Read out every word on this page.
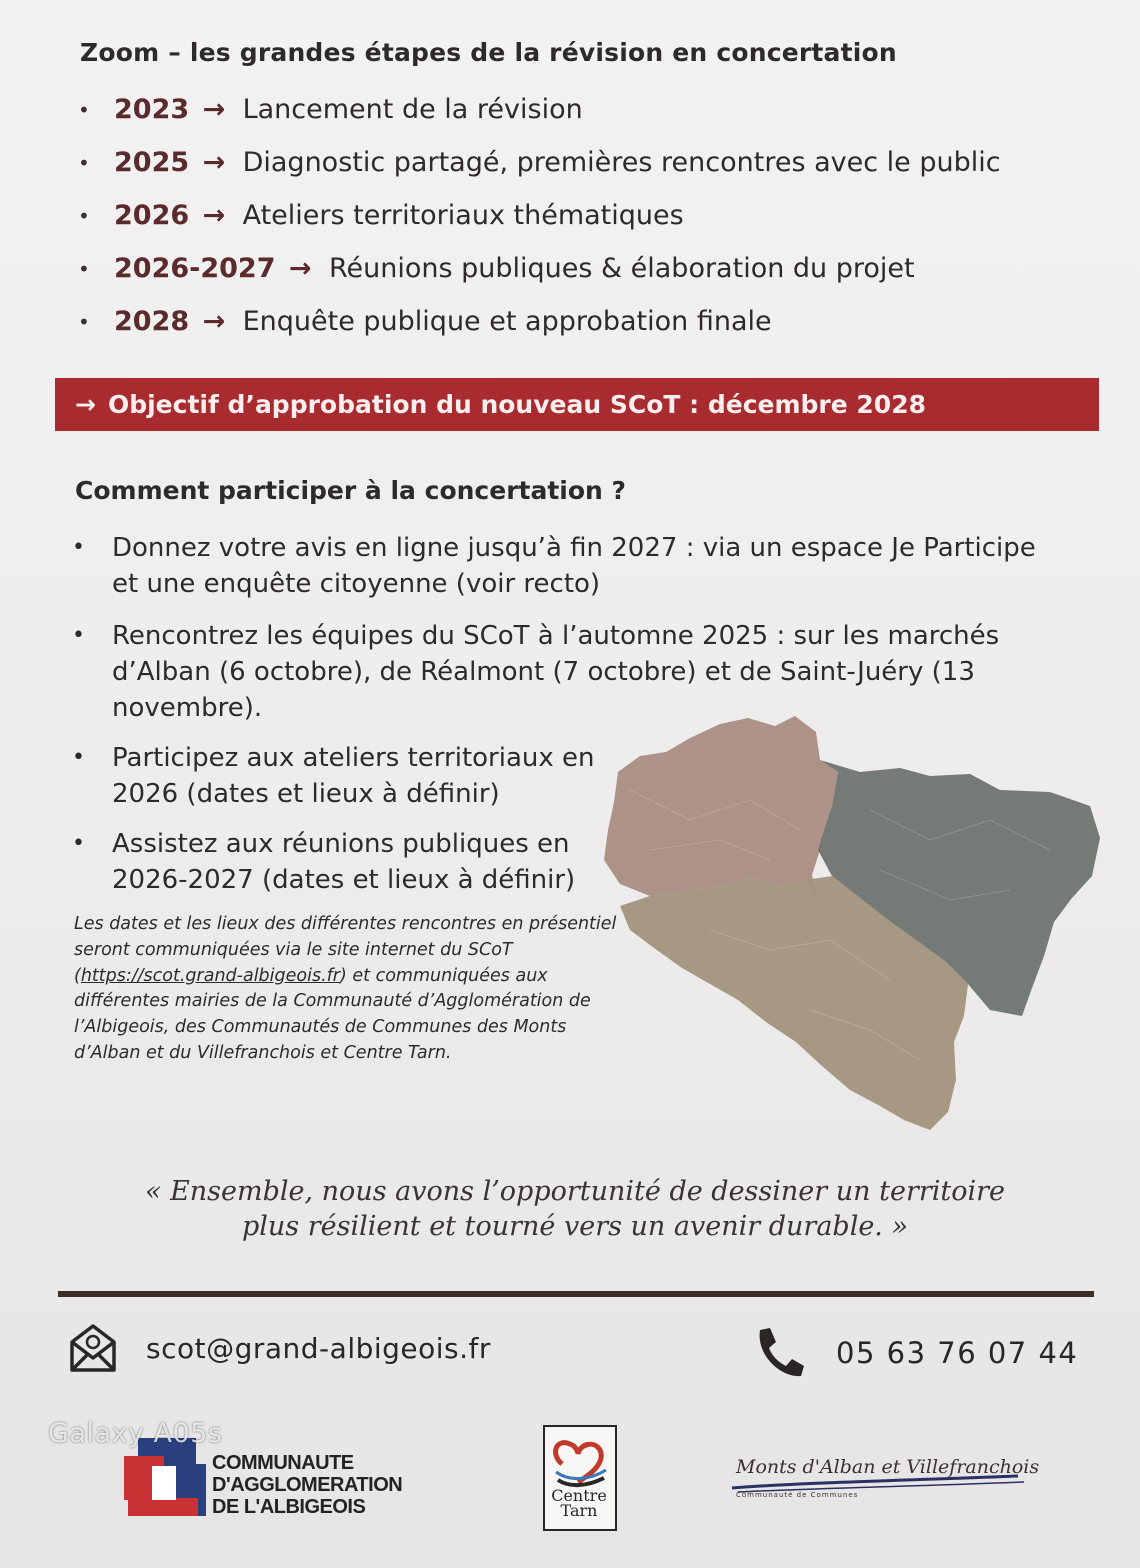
Zoom – les grandes étapes de la révision en concertation
• 2023 → Lancement de la révision
• 2025 → Diagnostic partagé, premières rencontres avec le public
• 2026 → Ateliers territoriaux thématiques
• 2026-2027 → Réunions publiques & élaboration du projet
• 2028 → Enquête publique et approbation finale
→ Objectif d’approbation du nouveau SCoT : décembre 2028
Comment participer à la concertation ?
• Donnez votre avis en ligne jusqu’à fin 2027 : via un espace Je Participe et une enquête citoyenne (voir recto)
• Rencontrez les équipes du SCoT à l’automne 2025 : sur les marchés d’Alban (6 octobre), de Réalmont (7 octobre) et de Saint-Juéry (13 novembre).
• Participez aux ateliers territoriaux en 2026 (dates et lieux à définir)
• Assistez aux réunions publiques en 2026-2027 (dates et lieux à définir)
Les dates et les lieux des différentes rencontres en présentiel seront communiquées via le site internet du SCoT (https://scot.grand-albigeois.fr) et communiquées aux différentes mairies de la Communauté d’Agglomération de l’Albigeois, des Communautés de Communes des Monts d’Alban et du Villefranchois et Centre Tarn.
« Ensemble, nous avons l’opportunité de dessiner un territoire
plus résilient et tourné vers un avenir durable. »
scot@grand-albigeois.fr	05 63 76 07 44
COMMUNAUTE
D'AGGLOMERATION
DE L'ALBIGEOIS
Centre
Tarn
Monts d'Alban et Villefranchois
Communauté de Communes
Galaxy A05s
